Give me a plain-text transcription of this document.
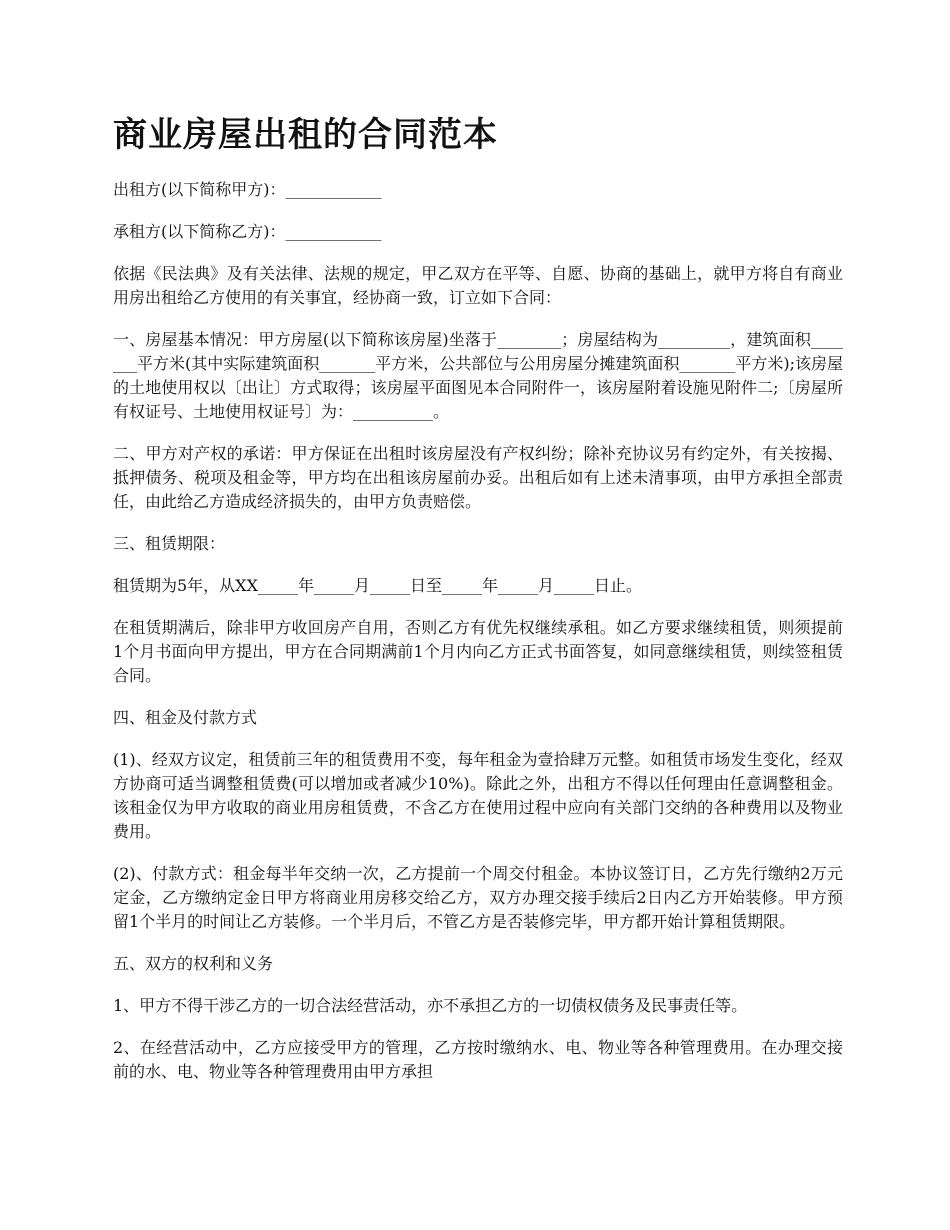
商业房屋出租的合同范本

出租方(以下简称甲方)：____________

承租方(以下简称乙方)：____________

依据《民法典》及有关法律、法规的规定，甲乙双方在平等、自愿、协商的基础上，就甲方将自有商业用房出租给乙方使用的有关事宜，经协商一致，订立如下合同：

一、房屋基本情况：甲方房屋(以下简称该房屋)坐落于________；房屋结构为_________，建筑面积_______平方米(其中实际建筑面积_______平方米，公共部位与公用房屋分摊建筑面积_______平方米);该房屋的土地使用权以〔出让〕方式取得；该房屋平面图见本合同附件一，该房屋附着设施见附件二;〔房屋所有权证号、土地使用权证号〕为：__________。

二、甲方对产权的承诺：甲方保证在出租时该房屋没有产权纠纷；除补充协议另有约定外，有关按揭、抵押债务、税项及租金等，甲方均在出租该房屋前办妥。出租后如有上述未清事项，由甲方承担全部责任，由此给乙方造成经济损失的，由甲方负责赔偿。

三、租赁期限：

租赁期为5年，从XX_____年_____月_____日至_____年_____月_____日止。

在租赁期满后，除非甲方收回房产自用，否则乙方有优先权继续承租。如乙方要求继续租赁，则须提前1个月书面向甲方提出，甲方在合同期满前1个月内向乙方正式书面答复，如同意继续租赁，则续签租赁合同。

四、租金及付款方式

(1)、经双方议定，租赁前三年的租赁费用不变，每年租金为壹拾肆万元整。如租赁市场发生变化，经双方协商可适当调整租赁费(可以增加或者减少10%)。除此之外，出租方不得以任何理由任意调整租金。该租金仅为甲方收取的商业用房租赁费，不含乙方在使用过程中应向有关部门交纳的各种费用以及物业费用。

(2)、付款方式：租金每半年交纳一次，乙方提前一个周交付租金。本协议签订日，乙方先行缴纳2万元定金，乙方缴纳定金日甲方将商业用房移交给乙方，双方办理交接手续后2日内乙方开始装修。甲方预留1个半月的时间让乙方装修。一个半月后，不管乙方是否装修完毕，甲方都开始计算租赁期限。

五、双方的权利和义务

1、甲方不得干涉乙方的一切合法经营活动，亦不承担乙方的一切债权债务及民事责任等。

2、在经营活动中，乙方应接受甲方的管理，乙方按时缴纳水、电、物业等各种管理费用。在办理交接前的水、电、物业等各种管理费用由甲方承担
